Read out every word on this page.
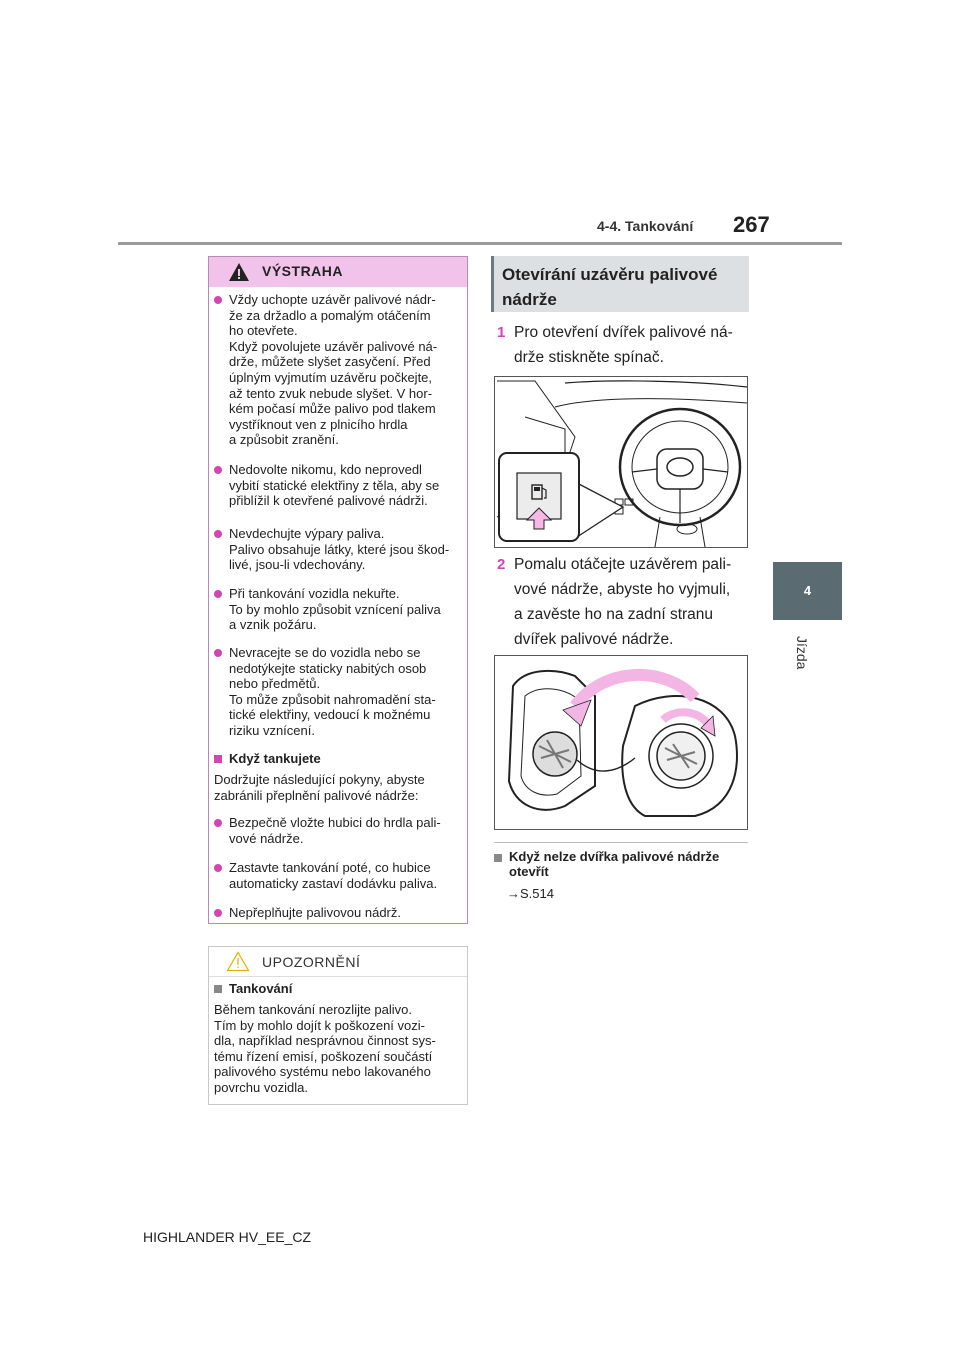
4-4. Tankování 267
4
Jízda
VÝSTRAHA
Vždy uchopte uzávěr palivové nádr-
že za držadlo a pomalým otáčením
ho otevřete.
Když povolujete uzávěr palivové ná-
drže, můžete slyšet zasyčení. Před
úplným vyjmutím uzávěru počkejte,
až tento zvuk nebude slyšet. V hor-
kém počasí může palivo pod tlakem
vystříknout ven z plnicího hrdla
a způsobit zranění.
Nedovolte nikomu, kdo neprovedl
vybití statické elektřiny z těla, aby se
přiblížil k otevřené palivové nádrži.
Nevdechujte výpary paliva.
Palivo obsahuje látky, které jsou škod-
livé, jsou-li vdechovány.
Při tankování vozidla nekuřte.
To by mohlo způsobit vznícení paliva
a vznik požáru.
Nevracejte se do vozidla nebo se
nedotýkejte staticky nabitých osob
nebo předmětů.
To může způsobit nahromadění sta-
tické elektřiny, vedoucí k možnému
riziku vznícení.
Když tankujete
Dodržujte následující pokyny, abyste
zabránili přeplnění palivové nádrže:
Bezpečně vložte hubici do hrdla pali-
vové nádrže.
Zastavte tankování poté, co hubice
automaticky zastaví dodávku paliva.
Nepřeplňujte palivovou nádrž.
UPOZORNĚNÍ
Tankování
Během tankování nerozlijte palivo.
Tím by mohlo dojít k poškození vozi-
dla, například nesprávnou činnost sys-
tému řízení emisí, poškození součástí
palivového systému nebo lakovaného
povrchu vozidla.
Otevírání uzávěru palivové nádrže
1 Pro otevření dvířek palivové ná-
drže stiskněte spínač.
2 Pomalu otáčejte uzávěrem pali-
vové nádrže, abyste ho vyjmuli,
a zavěste ho na zadní stranu
dvířek palivové nádrže.
Když nelze dvířka palivové nádrže otevřít
→S.514
HIGHLANDER HV_EE_CZ
